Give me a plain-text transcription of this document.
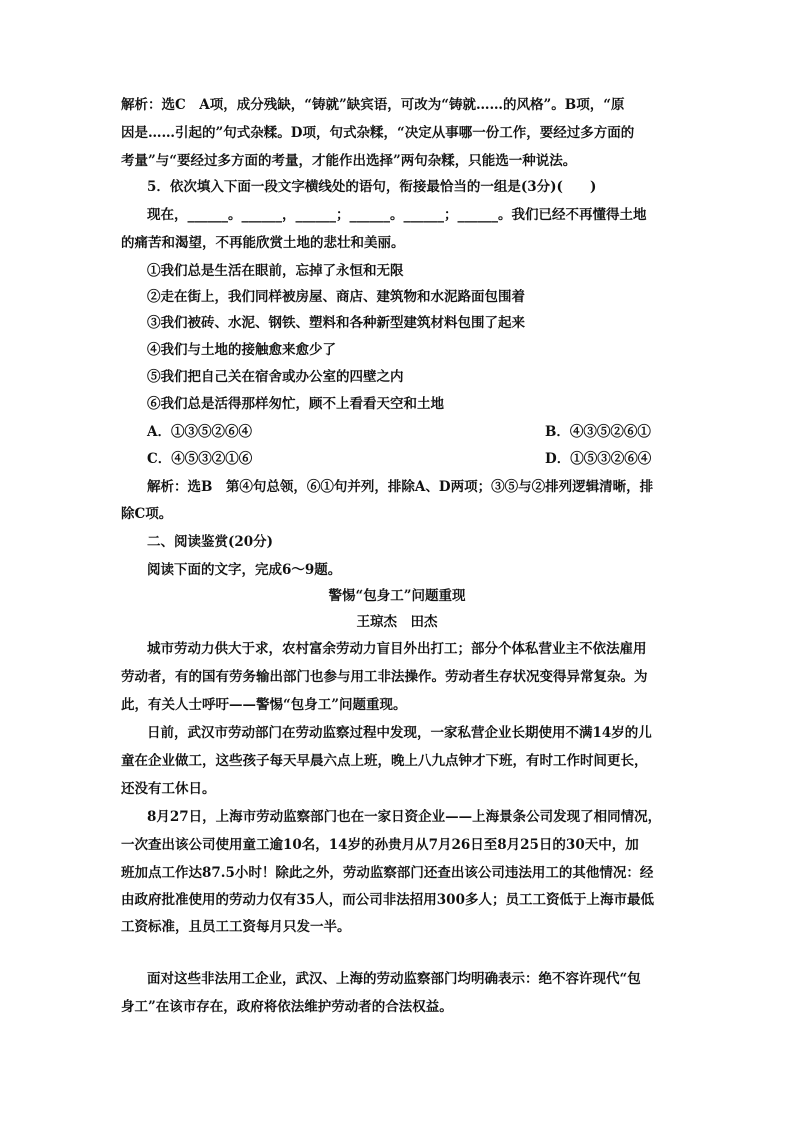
解析：选C　A项，成分残缺，“铸就”缺宾语，可改为“铸就……的风格”。B项，“原
因是……引起的”句式杂糅。D项，句式杂糅，“决定从事哪一份工作，要经过多方面的
考量”与“要经过多方面的考量，才能作出选择”两句杂糅，只能选一种说法。
5．依次填入下面一段文字横线处的语句，衔接最恰当的一组是(3分)(　　)
现在，______。______，______；______。______；______。我们已经不再懂得土地
的痛苦和渴望，不再能欣赏土地的悲壮和美丽。
①我们总是生活在眼前，忘掉了永恒和无限
②走在街上，我们同样被房屋、商店、建筑物和水泥路面包围着
③我们被砖、水泥、钢铁、塑料和各种新型建筑材料包围了起来
④我们与土地的接触愈来愈少了
⑤我们把自己关在宿舍或办公室的四壁之内
⑥我们总是活得那样匆忙，顾不上看看天空和土地
A．①③⑤②⑥④	B．④③⑤②⑥①
C．④⑤③②①⑥	D．①⑤③②⑥④
解析：选B　第④句总领，⑥①句并列，排除A、D两项；③⑤与②排列逻辑清晰，排
除C项。
二、阅读鉴赏(20分)
阅读下面的文字，完成6～9题。
警惕“包身工”问题重现
王琼杰　田杰
城市劳动力供大于求，农村富余劳动力盲目外出打工；部分个体私营业主不依法雇用
劳动者，有的国有劳务输出部门也参与用工非法操作。劳动者生存状况变得异常复杂。为
此，有关人士呼吁——警惕“包身工”问题重现。
日前，武汉市劳动部门在劳动监察过程中发现，一家私营企业长期使用不满14岁的儿
童在企业做工，这些孩子每天早晨六点上班，晚上八九点钟才下班，有时工作时间更长，
还没有工休日。
8月27日，上海市劳动监察部门也在一家日资企业——上海景条公司发现了相同情况，
一次查出该公司使用童工逾10名，14岁的孙贵月从7月26日至8月25日的30天中，加
班加点工作达87.5小时！除此之外，劳动监察部门还查出该公司违法用工的其他情况：经
由政府批准使用的劳动力仅有35人，而公司非法招用300多人；员工工资低于上海市最低
工资标准，且员工工资每月只发一半。
面对这些非法用工企业，武汉、上海的劳动监察部门均明确表示：绝不容许现代“包
身工”在该市存在，政府将依法维护劳动者的合法权益。
